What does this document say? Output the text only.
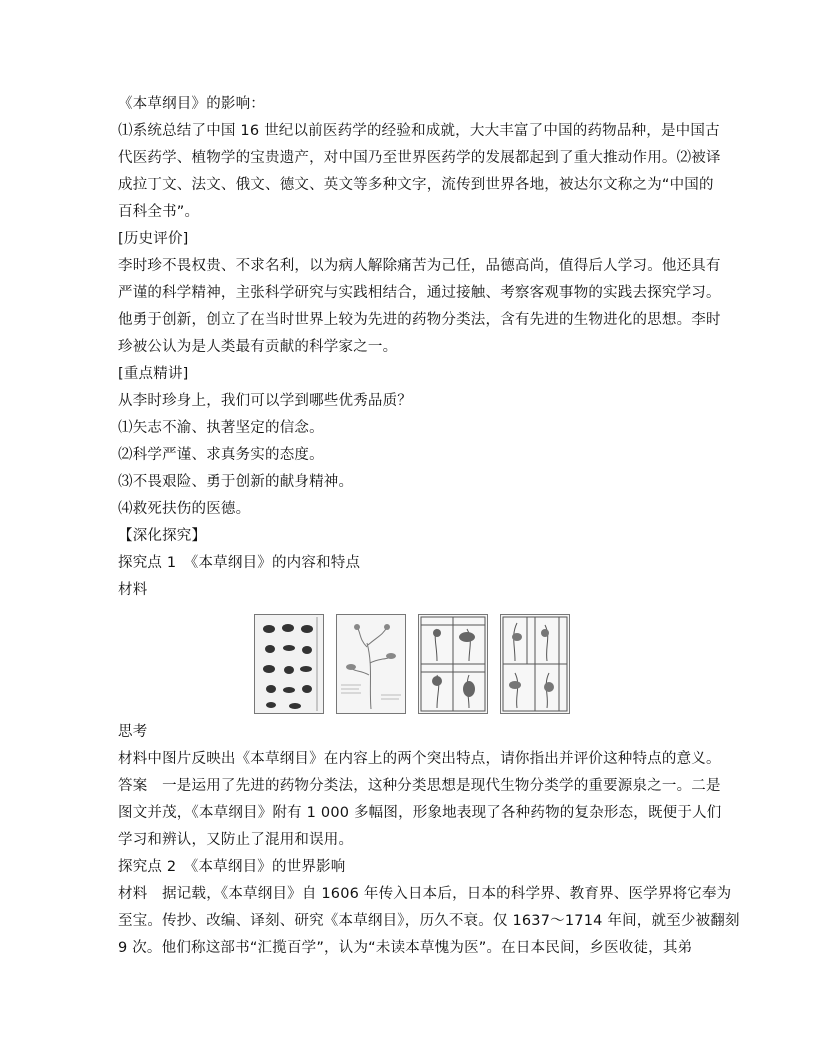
《本草纲目》的影响：
⑴系统总结了中国 16 世纪以前医药学的经验和成就，大大丰富了中国的药物品种，是中国古
代医药学、植物学的宝贵遗产，对中国乃至世界医药学的发展都起到了重大推动作用。⑵被译
成拉丁文、法文、俄文、德文、英文等多种文字，流传到世界各地，被达尔文称之为“中国的
百科全书”。
[历史评价]
李时珍不畏权贵、不求名利，以为病人解除痛苦为己任，品德高尚，值得后人学习。他还具有
严谨的科学精神，主张科学研究与实践相结合，通过接触、考察客观事物的实践去探究学习。
他勇于创新，创立了在当时世界上较为先进的药物分类法，含有先进的生物进化的思想。李时
珍被公认为是人类最有贡献的科学家之一。
[重点精讲]
从李时珍身上，我们可以学到哪些优秀品质？
⑴矢志不渝、执著坚定的信念。
⑵科学严谨、求真务实的态度。
⑶不畏艰险、勇于创新的献身精神。
⑷救死扶伤的医德。
【深化探究】
探究点 1　《本草纲目》的内容和特点
材料
思考
材料中图片反映出《本草纲目》在内容上的两个突出特点，请你指出并评价这种特点的意义。
答案　一是运用了先进的药物分类法，这种分类思想是现代生物分类学的重要源泉之一。二是
图文并茂，《本草纲目》附有 1 000 多幅图，形象地表现了各种药物的复杂形态，既便于人们
学习和辨认，又防止了混用和误用。
探究点 2　《本草纲目》的世界影响
材料　据记载，《本草纲目》自 1606 年传入日本后，日本的科学界、教育界、医学界将它奉为
至宝。传抄、改编、译刻、研究《本草纲目》，历久不衰。仅 1637～1714 年间，就至少被翻刻
9 次。他们称这部书“汇揽百学”，认为“未读本草愧为医”。在日本民间，乡医收徒，其弟
